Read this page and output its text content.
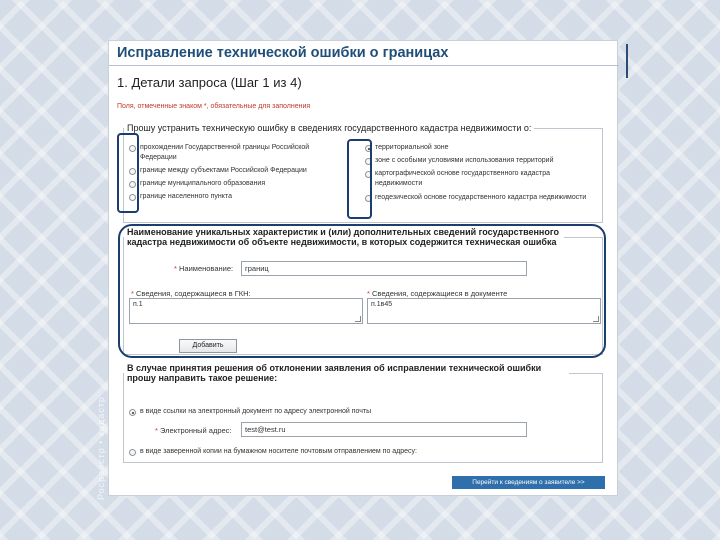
Росреестр • кадастр
Исправление технической ошибки о границах
1. Детали запроса (Шаг 1 из 4)
Поля, отмеченные знаком *, обязательные для заполнения
Прошу устранить техническую ошибку в сведениях государственного кадастра недвижимости о:
прохождении Государственной границы Российской Федерации
границе между субъектами Российской Федерации
границе муниципального образования
границе населенного пункта
территориальной зоне
зоне с особыми условиями использования территорий
картографической основе государственного кадастра недвижимости
геодезической основе государственного кадастра недвижимости
Наименование уникальных характеристик и (или) дополнительных сведений государственного кадастра недвижимости об объекте недвижимости, в которых содержится техническая ошибка
* Наименование:	границ
* Сведения, содержащиеся в ГКН:
п.1
* Сведения, содержащиеся в документе
п.1в45
Добавить
В случае принятия решения об отклонении заявления об исправлении технической ошибки прошу направить такое решение:
в виде ссылки на электронный документ по адресу электронной почты
* Электронный адрес:	test@test.ru
в виде заверенной копии на бумажном носителе почтовым отправлением по адресу:
Перейти к сведениям о заявителе >>
